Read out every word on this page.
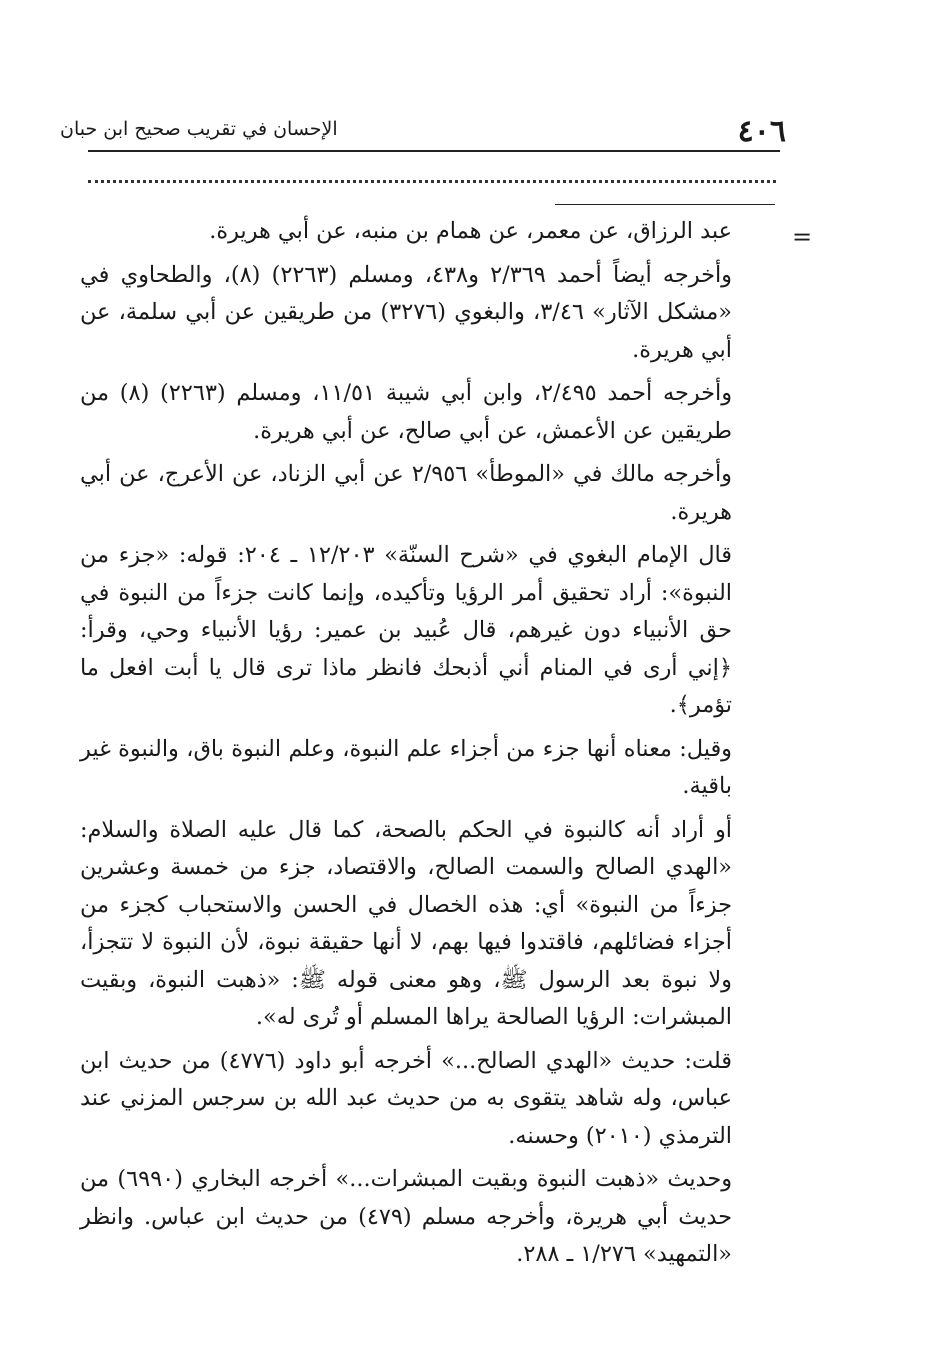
٤٠٦
الإحسان في تقريب صحيح ابن حبان
=

عبد الرزاق، عن معمر، عن همام بن منبه، عن أبي هريرة.

وأخرجه أيضاً أحمد ٢/٣٦٩ و٤٣٨، ومسلم (٢٢٦٣) (٨)، والطحاوي في «مشكل الآثار» ٣/٤٦، والبغوي (٣٢٧٦) من طريقين عن أبي سلمة، عن أبي هريرة.

وأخرجه أحمد ٢/٤٩٥، وابن أبي شيبة ١١/٥١، ومسلم (٢٢٦٣) (٨) من طريقين عن الأعمش، عن أبي صالح، عن أبي هريرة.

وأخرجه مالك في «الموطأ» ٢/٩٥٦ عن أبي الزناد، عن الأعرج، عن أبي هريرة.

قال الإمام البغوي في «شرح السنّة» ١٢/٢٠٣ ـ ٢٠٤: قوله: «جزء من النبوة»: أراد تحقيق أمر الرؤيا وتأكيده، وإنما كانت جزءاً من النبوة في حق الأنبياء دون غيرهم، قال عُبيد بن عمير: رؤيا الأنبياء وحي، وقرأ: ﴿إني أرى في المنام أني أذبحك فانظر ماذا ترى قال يا أبت افعل ما تؤمر﴾.

وقيل: معناه أنها جزء من أجزاء علم النبوة، وعلم النبوة باق، والنبوة غير باقية.

أو أراد أنه كالنبوة في الحكم بالصحة، كما قال عليه الصلاة والسلام: «الهدي الصالح والسمت الصالح، والاقتصاد، جزء من خمسة وعشرين جزءاً من النبوة» أي: هذه الخصال في الحسن والاستحباب كجزء من أجزاء فضائلهم، فاقتدوا فيها بهم، لا أنها حقيقة نبوة، لأن النبوة لا تتجزأ، ولا نبوة بعد الرسول ﷺ، وهو معنى قوله ﷺ: «ذهبت النبوة، وبقيت المبشرات: الرؤيا الصالحة يراها المسلم أو تُرى له».

قلت: حديث «الهدي الصالح...» أخرجه أبو داود (٤٧٧٦) من حديث ابن عباس، وله شاهد يتقوى به من حديث عبد الله بن سرجس المزني عند الترمذي (٢٠١٠) وحسنه.

وحديث «ذهبت النبوة وبقيت المبشرات...» أخرجه البخاري (٦٩٩٠) من حديث أبي هريرة، وأخرجه مسلم (٤٧٩) من حديث ابن عباس. وانظر «التمهيد» ١/٢٧٦ ـ ٢٨٨.
